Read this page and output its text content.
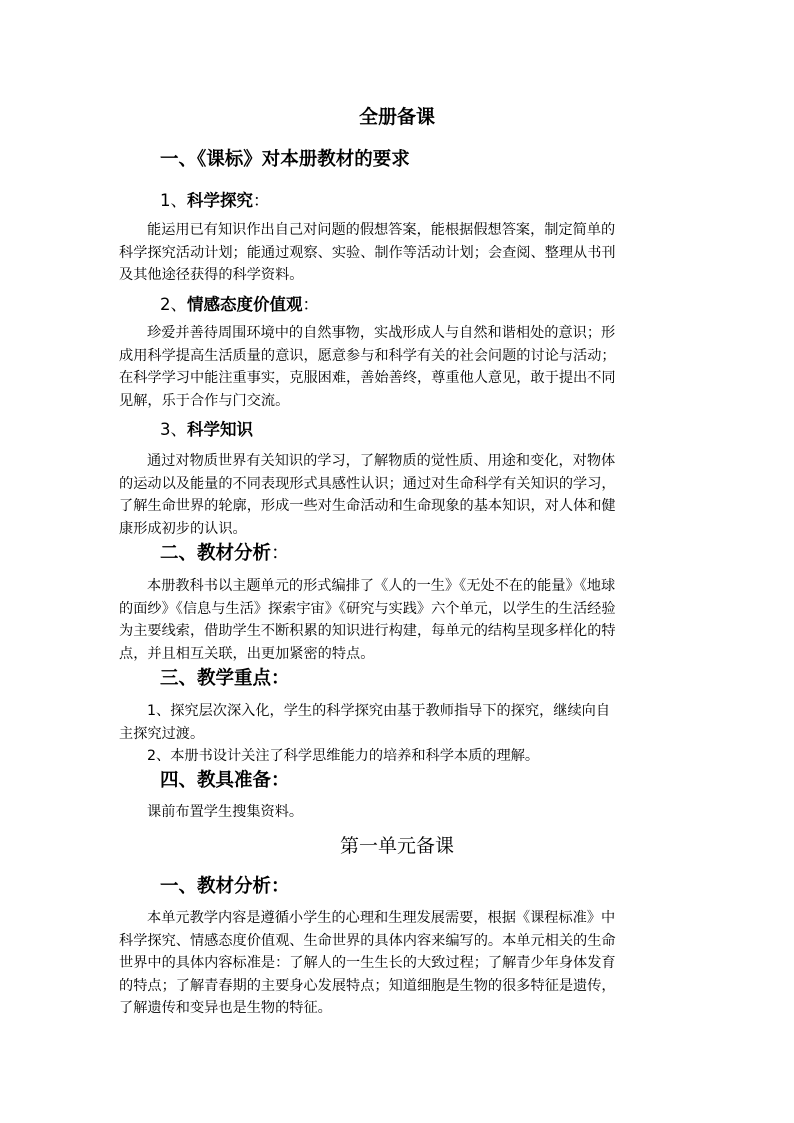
全册备课
一、《课标》对本册教材的要求
1、科学探究：
能运用已有知识作出自己对问题的假想答案，能根据假想答案，制定简单的
科学探究活动计划；能通过观察、实验、制作等活动计划；会查阅、整理从书刊
及其他途径获得的科学资料。
2、情感态度价值观：
珍爱并善待周围环境中的自然事物，实战形成人与自然和谐相处的意识；形
成用科学提高生活质量的意识，愿意参与和科学有关的社会问题的讨论与活动；
在科学学习中能注重事实，克服困难，善始善终，尊重他人意见，敢于提出不同
见解，乐于合作与门交流。
3、科学知识
通过对物质世界有关知识的学习，了解物质的觉性质、用途和变化，对物体
的运动以及能量的不同表现形式具感性认识；通过对生命科学有关知识的学习，
了解生命世界的轮廓，形成一些对生命活动和生命现象的基本知识，对人体和健
康形成初步的认识。
二、教材分析：
本册教科书以主题单元的形式编排了《人的一生》《无处不在的能量》《地球
的面纱》《信息与生活》探索宇宙》《研究与实践》六个单元，以学生的生活经验
为主要线索，借助学生不断积累的知识进行构建，每单元的结构呈现多样化的特
点，并且相互关联，出更加紧密的特点。
三、教学重点：
1、探究层次深入化，学生的科学探究由基于教师指导下的探究，继续向自
主探究过渡。
2、本册书设计关注了科学思维能力的培养和科学本质的理解。
四、教具准备：
课前布置学生搜集资料。
第一单元备课
一、教材分析：
本单元教学内容是遵循小学生的心理和生理发展需要，根据《课程标准》中
科学探究、情感态度价值观、生命世界的具体内容来编写的。本单元相关的生命
世界中的具体内容标准是：了解人的一生生长的大致过程；了解青少年身体发育
的特点；了解青春期的主要身心发展特点；知道细胞是生物的很多特征是遗传，
了解遗传和变异也是生物的特征。
